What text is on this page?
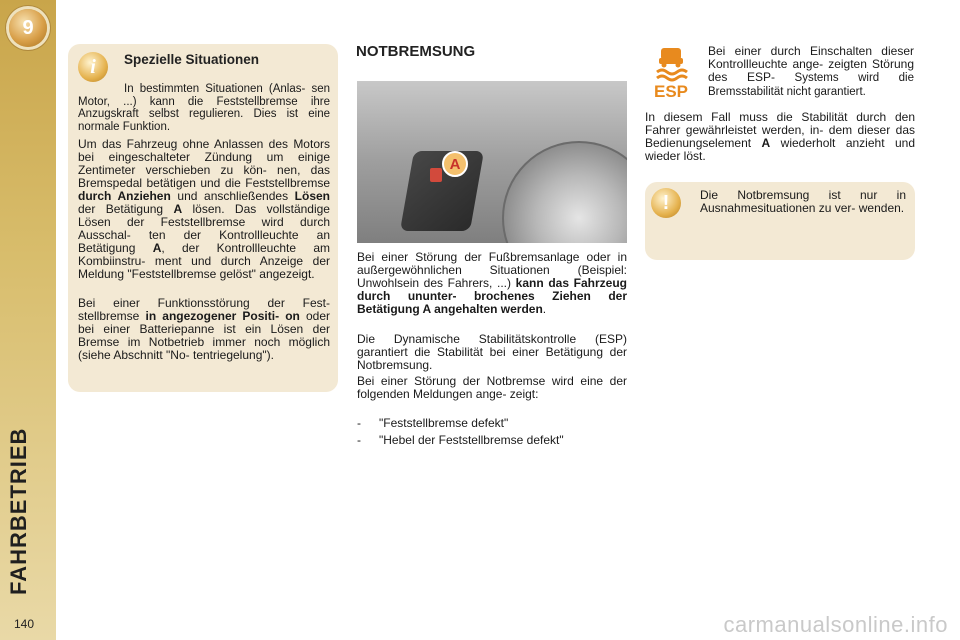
9
FAHRBETRIEB
140
i	Spezielle Situationen

In bestimmten Situationen (Anlas- sen Motor, ...) kann die Feststellbremse ihre Anzugskraft selbst regulieren. Dies ist eine normale Funktion.

Um das Fahrzeug ohne Anlassen des Motors bei eingeschalteter Zündung um einige Zentimeter verschieben zu kön- nen, das Bremspedal betätigen und die Feststellbremse durch Anziehen und anschließendes Lösen der Betätigung A lösen. Das vollständige Lösen der Feststellbremse wird durch Ausschal- ten der Kontrollleuchte an Betätigung A, der Kontrollleuchte am Kombiinstru- ment und durch Anzeige der Meldung "Feststellbremse gelöst" angezeigt.

Bei einer Funktionsstörung der Fest- stellbremse in angezogener Positi- on oder bei einer Batteriepanne ist ein Lösen der Bremse im Notbetrieb immer noch möglich (siehe Abschnitt "No- tentriegelung").

NOTBREMSUNG
A

Bei einer Störung der Fußbremsanlage oder in außergewöhnlichen Situationen (Beispiel: Unwohlsein des Fahrers, ...) kann das Fahrzeug durch ununter- brochenes Ziehen der Betätigung A angehalten werden.

Die Dynamische Stabilitätskontrolle (ESP) garantiert die Stabilität bei einer Betätigung der Notbremsung.

Bei einer Störung der Notbremse wird eine der folgenden Meldungen ange- zeigt:

- "Feststellbremse defekt"
- "Hebel der Feststellbremse defekt"
ESP

Bei einer durch Einschalten dieser Kontrollleuchte ange- zeigten Störung des ESP- Systems wird die Bremsstabilität nicht garantiert.

In diesem Fall muss die Stabilität durch den Fahrer gewährleistet werden, in- dem dieser das Bedienungselement A wiederholt anzieht und wieder löst.

!	Die Notbremsung ist nur in Ausnahmesituationen zu ver- wenden.

carmanualsonline.info
